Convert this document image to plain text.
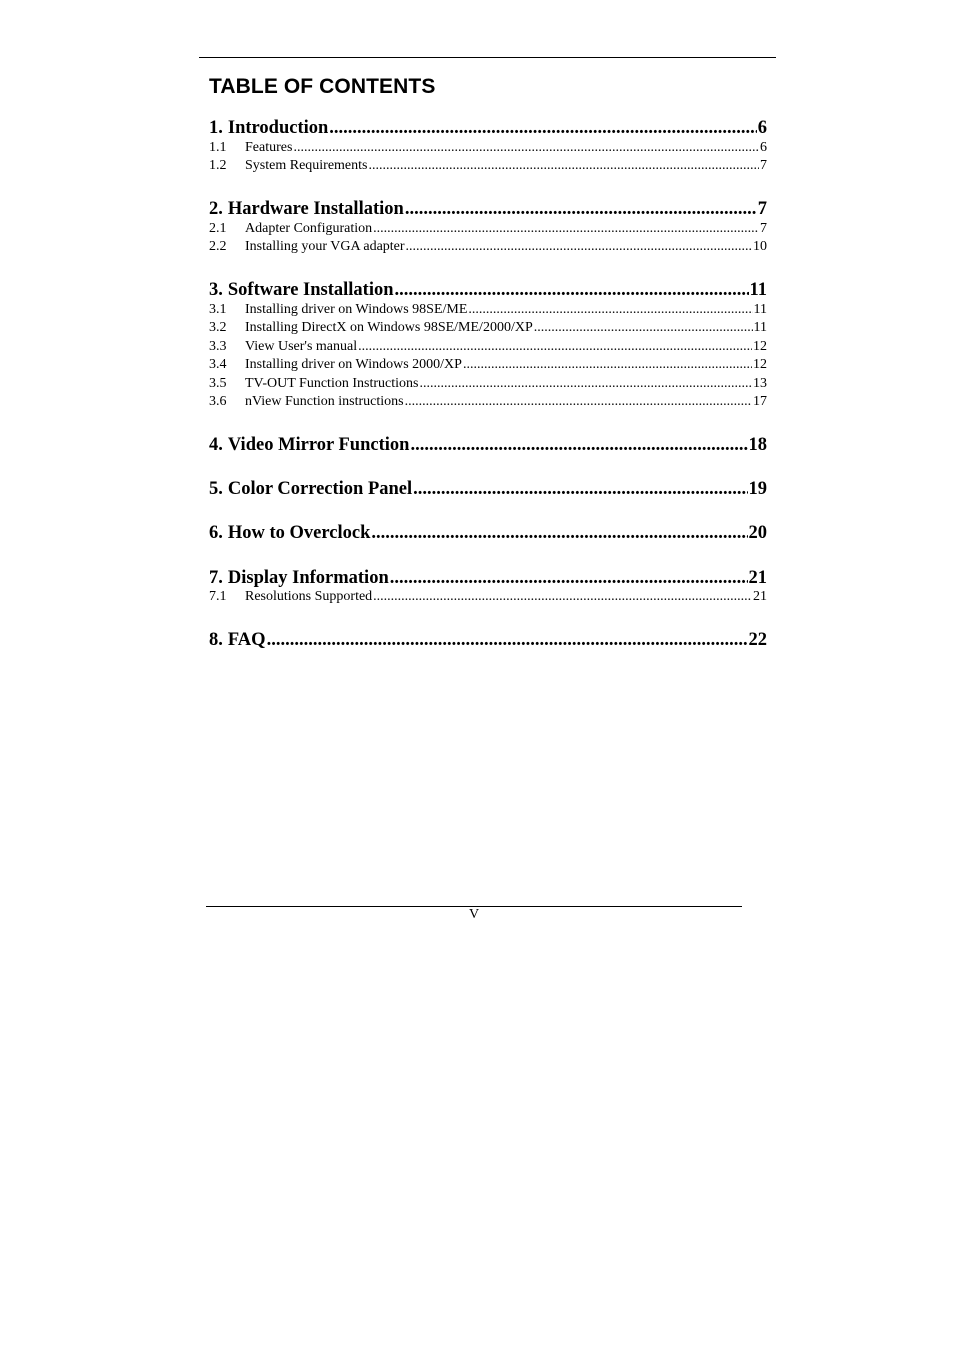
TABLE OF CONTENTS
1. Introduction .....	6
1.1	Features .....	6
1.2	System Requirements .....	7
2. Hardware Installation .....	7
2.1	Adapter Configuration .....	7
2.2	Installing your VGA adapter .....	10
3. Software Installation .....	11
3.1	Installing driver on Windows 98SE/ME .....	11
3.2	Installing DirectX on Windows 98SE/ME/2000/XP .....	11
3.3	View User's manual .....	12
3.4	Installing driver on Windows 2000/XP .....	12
3.5	TV-OUT Function Instructions .....	13
3.6	nView Function instructions .....	17
4. Video Mirror Function .....	18
5. Color Correction Panel .....	19
6. How to Overclock .....	20
7. Display Information .....	21
7.1	Resolutions Supported .....	21
8. FAQ .....	22
V
